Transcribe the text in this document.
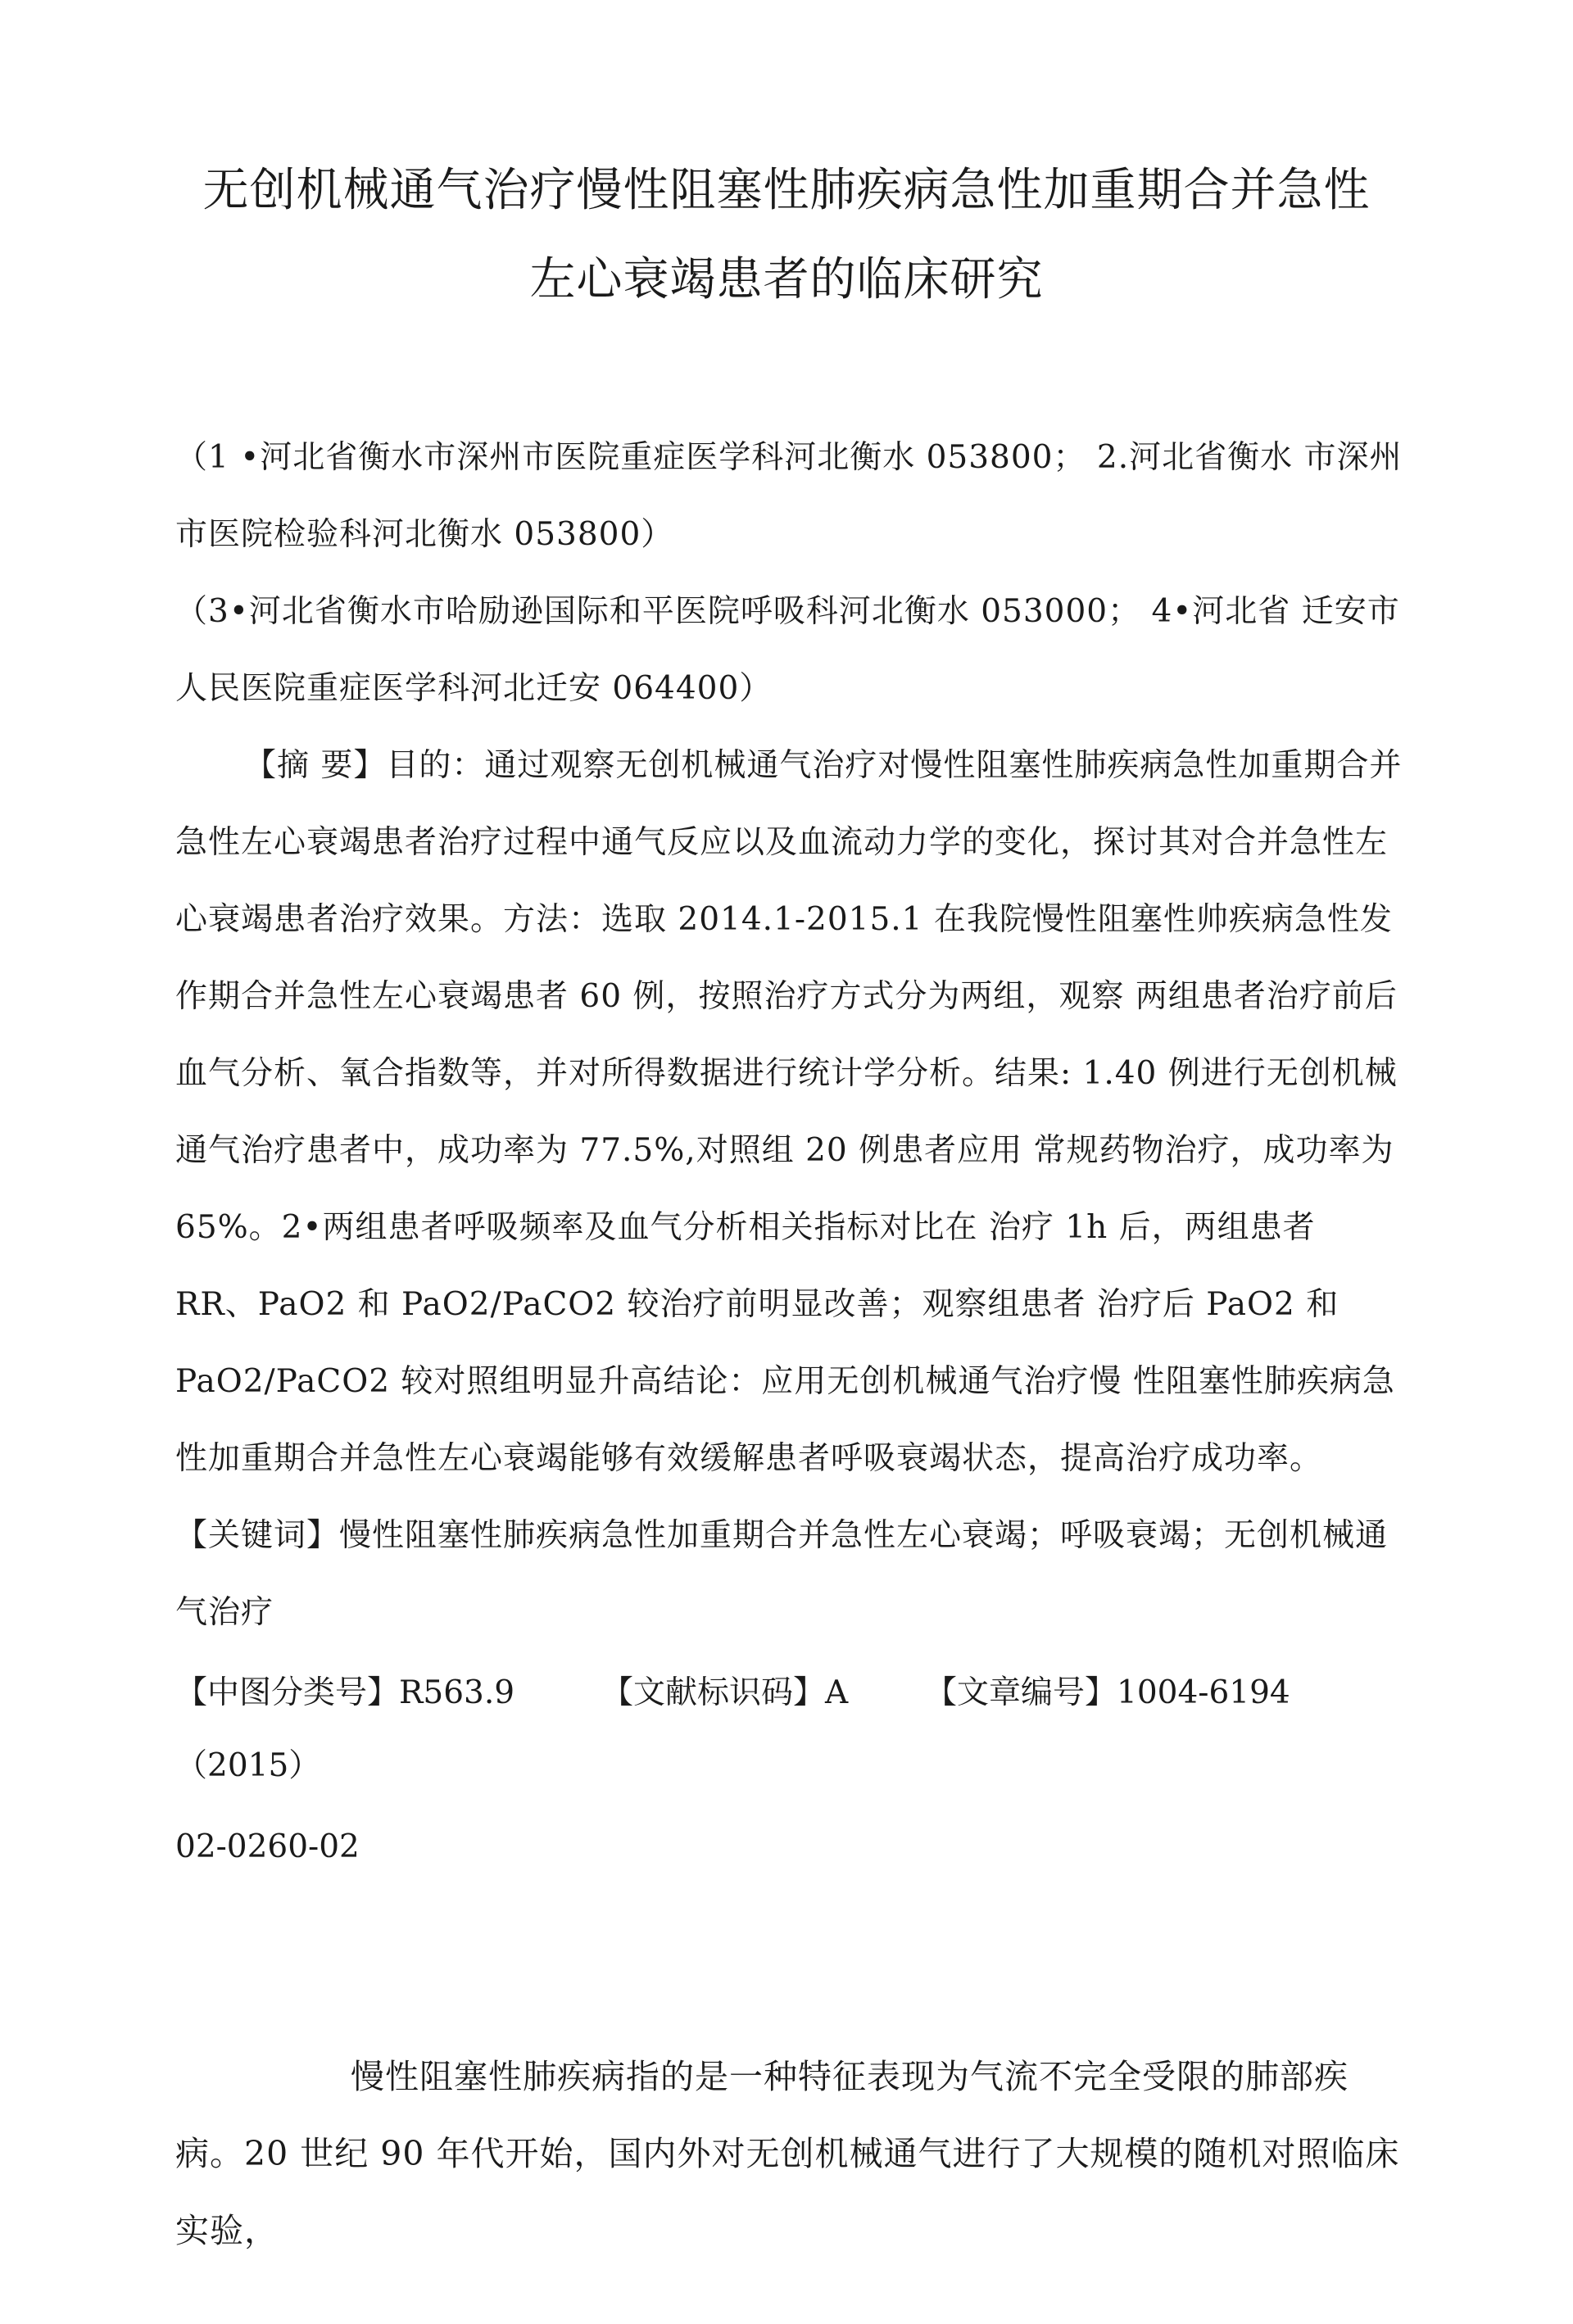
无创机械通气治疗慢性阻塞性肺疾病急性加重期合并急性
左心衰竭患者的临床研究

（1 •河北省衡水市深州市医院重症医学科河北衡水 053800； 2.河北省衡水 市深州市医院检验科河北衡水 053800）

（3•河北省衡水市哈励逊国际和平医院呼吸科河北衡水 053000； 4•河北省 迁安市人民医院重症医学科河北迁安 064400）

【摘 要】目的：通过观察无创机械通气治疗对慢性阻塞性肺疾病急性加重期合并急性左心衰竭患者治疗过程中通气反应以及血流动力学的变化，探讨其对合并急性左心衰竭患者治疗效果。方法：选取 2014.1-2015.1 在我院慢性阻塞性帅疾病急性发作期合并急性左心衰竭患者 60 例，按照治疗方式分为两组，观察 两组患者治疗前后血气分析、氧合指数等，并对所得数据进行统计学分析。结果: 1.40 例进行无创机械通气治疗患者中，成功率为 77.5%,对照组 20 例患者应用 常规药物治疗，成功率为 65%。2•两组患者呼吸频率及血气分析相关指标对比在 治疗 1h 后，两组患者 RR、PaO2 和 PaO2/PaCO2 较治疗前明显改善；观察组患者 治疗后 PaO2 和 PaO2/PaCO2 较对照组明显升高结论：应用无创机械通气治疗慢 性阻塞性肺疾病急性加重期合并急性左心衰竭能够有效缓解患者呼吸衰竭状态，提高治疗成功率。

【关键词】慢性阻塞性肺疾病急性加重期合并急性左心衰竭；呼吸衰竭；无创机械通气治疗

【中图分类号】R563.9	【文献标识码】A 【文章编号】1004-6194
（2015）
02-0260-02

慢性阻塞性肺疾病指的是一种特征表现为气流不完全受限的肺部疾病。20 世纪 90 年代开始，国内外对无创机械通气进行了大规模的随机对照临床实验，
